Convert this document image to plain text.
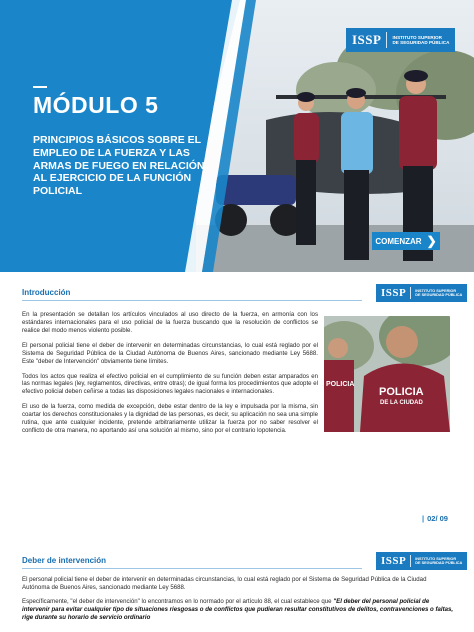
ISSP	INSTITUTO SUPERIOR
DE SEGURIDAD PÚBLICA
MÓDULO 5
PRINCIPIOS BÁSICOS SOBRE EL EMPLEO DE LA FUERZA Y LAS ARMAS DE FUEGO EN RELACIÓN AL EJERCICIO DE LA FUNCIÓN POLICIAL
COMENZAR ❯
Introducción	ISSP	INSTITUTO SUPERIOR
DE SEGURIDAD PÚBLICA

En la presentación se detallan los artículos vinculados al uso directo de la fuerza, en armonía con los estándares internacionales para el uso policial de la fuerza buscando que la resolución de conflictos se realice del modo menos violento posible.

El personal policial tiene el deber de intervenir en determinadas circunstancias, lo cual está reglado por el Sistema de Seguridad Pública de la Ciudad Autónoma de Buenos Aires, sancionado mediante Ley 5688. Este "deber de Intervención" obviamente tiene límites.

Todos los actos que realiza el efectivo policial en el cumplimiento de su función deben estar amparados en las normas legales (ley, reglamentos, directivas, entre otras); de igual forma los procedimientos que adopte el efectivo policial deben ceñirse a todas las disposiciones legales nacionales e internacionales.

El uso de la fuerza, como medida de excepción, debe estar dentro de la ley e impulsada por la misma, sin coartar los derechos constitucionales y la dignidad de las personas, es decir, su aplicación no sea una simple rutina, que ante cualquier incidente, pretende arbitrariamente utilizar la fuerza por no saber resolver el conflicto de otra manera, no aportando así una solución al mismo, sino por el contrario lopotencia.

POLICIA
POLICIA
DE LA CIUDAD
| 02/ 09
Deber de intervención	ISSP	INSTITUTO SUPERIOR
DE SEGURIDAD PÚBLICA

El personal policial tiene el deber de intervenir en determinadas circunstancias, lo cual está reglado por el Sistema de Seguridad Pública de la Ciudad Autónoma de Buenos Aires, sancionado mediante Ley 5688.

Específicamente, "el deber de intervención" lo encontramos en lo normado por el artículo 88, el cual establece que "El deber del personal policial de intervenir para evitar cualquier tipo de situaciones riesgosas o de conflictos que pudieran resultar constitutivos de delitos, contravenciones o faltas, rige durante su horario de servicio ordinario
